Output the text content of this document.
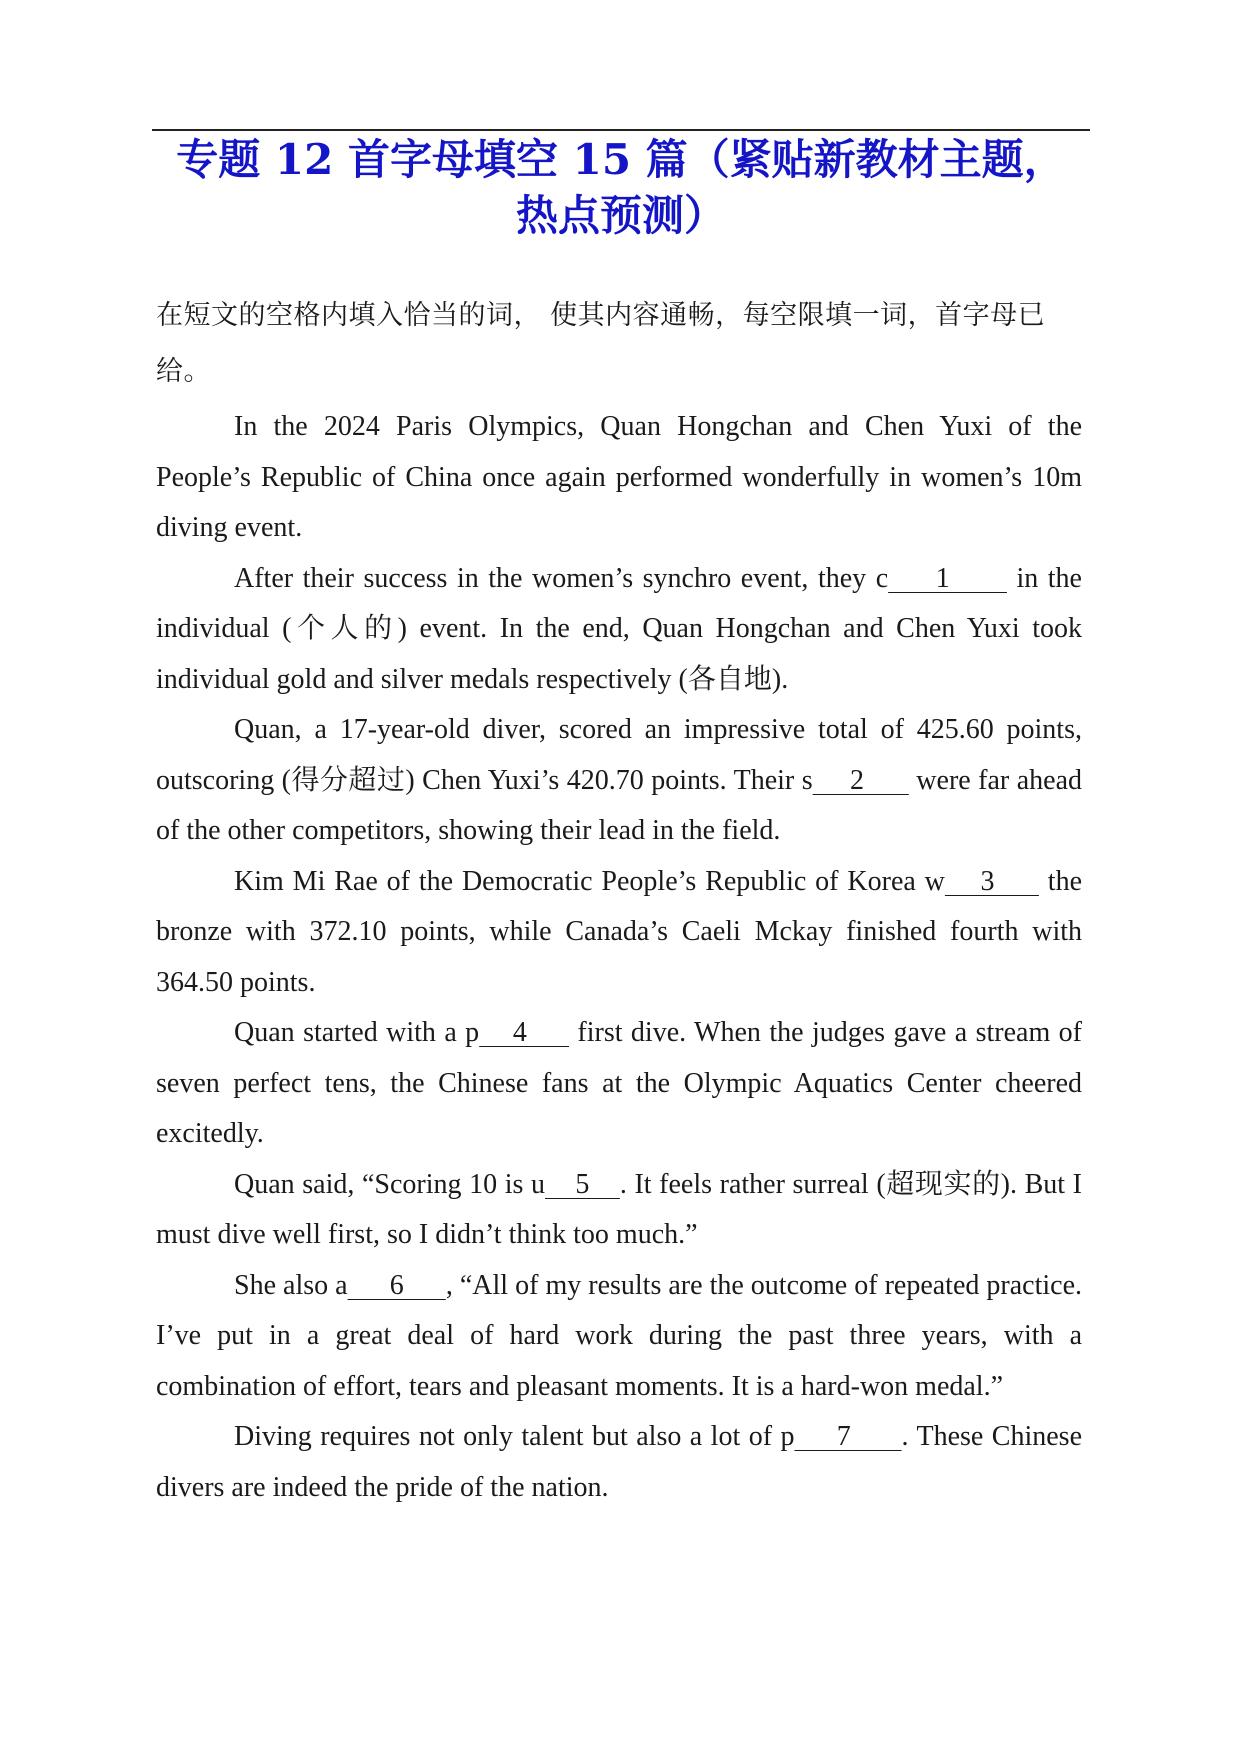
专题 12 首字母填空 15 篇（紧贴新教材主题，
热点预测）

在短文的空格内填入恰当的词， 使其内容通畅，每空限填一词，首字母已给。

In the 2024 Paris Olympics, Quan Hongchan and Chen Yuxi of the People’s Republic of China once again performed wonderfully in women’s 10m diving event.

After their success in the women’s synchro event, they c     1       in the individual (个人的) event. In the end, Quan Hongchan and Chen Yuxi took individual gold and silver medals respectively (各自地).

Quan, a 17-year-old diver, scored an impressive total of 425.60 points, outscoring (得分超过) Chen Yuxi’s 420.70 points. Their s     2       were far ahead of the other competitors, showing their lead in the field.

Kim Mi Rae of the Democratic People’s Republic of Korea w    3      the bronze with 372.10 points, while Canada’s Caeli Mckay finished fourth with 364.50 points.

Quan started with a p    4      first dive. When the judges gave a stream of seven perfect tens, the Chinese fans at the Olympic Aquatics Center cheered excitedly.

Quan said, “Scoring 10 is u    5    . It feels rather surreal (超现实的). But I must dive well first, so I didn’t think too much.”

She also a      6      , “All of my results are the outcome of repeated practice. I’ve put in a great deal of hard work during the past three years, with a combination of effort, tears and pleasant moments. It is a hard-won medal.”

Diving requires not only talent but also a lot of p     7      . These Chinese divers are indeed the pride of the nation.
